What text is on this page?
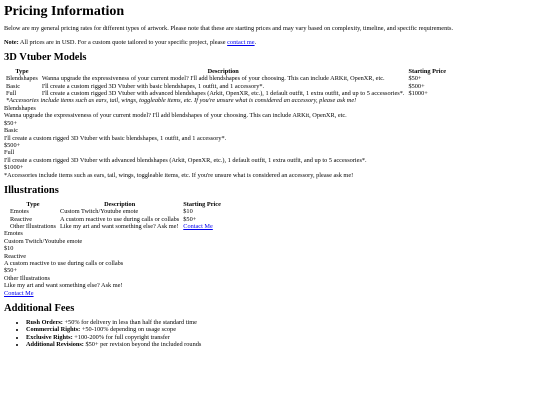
Pricing Information

Below are my general pricing rates for different types of artwork. Please note that these are starting prices and may vary based on complexity, timeline, and specific requirements.

Note: All prices are in USD. For a custom quote tailored to your specific project, please contact me.

3D Vtuber Models
Type	Description	Starting Price
Blendshapes	Wanna upgrade the expressiveness of your current model? I'll add blendshapes of your choosing. This can include ARKit, OpenXR, etc.	$50+
Basic	I'll create a custom rigged 3D Vtuber with basic blendshapes, 1 outfit, and 1 accessory*.	$500+
Full	I'll create a custom rigged 3D Vtuber with advanced blendshapes (Arkit, OpenXR, etc.), 1 default outfit, 1 extra outfit, and up to 5 accessories*.	$1000+
*Accessories include items such as ears, tail, wings, toggleable items, etc. If you're unsure what is considered an accessory, please ask me!		
Blendshapes
Wanna upgrade the expressiveness of your current model? I'll add blendshapes of your choosing. This can include ARKit, OpenXR, etc.
$50+
Basic
I'll create a custom rigged 3D Vtuber with basic blendshapes, 1 outfit, and 1 accessory*.
$500+
Full
I'll create a custom rigged 3D Vtuber with advanced blendshapes (Arkit, OpenXR, etc.), 1 default outfit, 1 extra outfit, and up to 5 accessories*.
$1000+
*Accessories include items such as ears, tail, wings, toggleable items, etc. If you're unsure what is considered an accessory, please ask me!
Illustrations
Type	Description	Starting Price
Emotes	Custom Twitch/Youtube emote	$10
Reactive	A custom reactive to use during calls or collabs	$50+
Other Illustrations	Like my art and want something else? Ask me!	Contact Me
Emotes
Custom Twitch/Youtube emote
$10
Reactive
A custom reactive to use during calls or collabs
$50+
Other Illustrations
Like my art and want something else? Ask me!
Contact Me
Additional Fees
• Rush Orders: +50% for delivery in less than half the standard time
• Commercial Rights: +50-100% depending on usage scope
• Exclusive Rights: +100-200% for full copyright transfer
• Additional Revisions: $50+ per revision beyond the included rounds
